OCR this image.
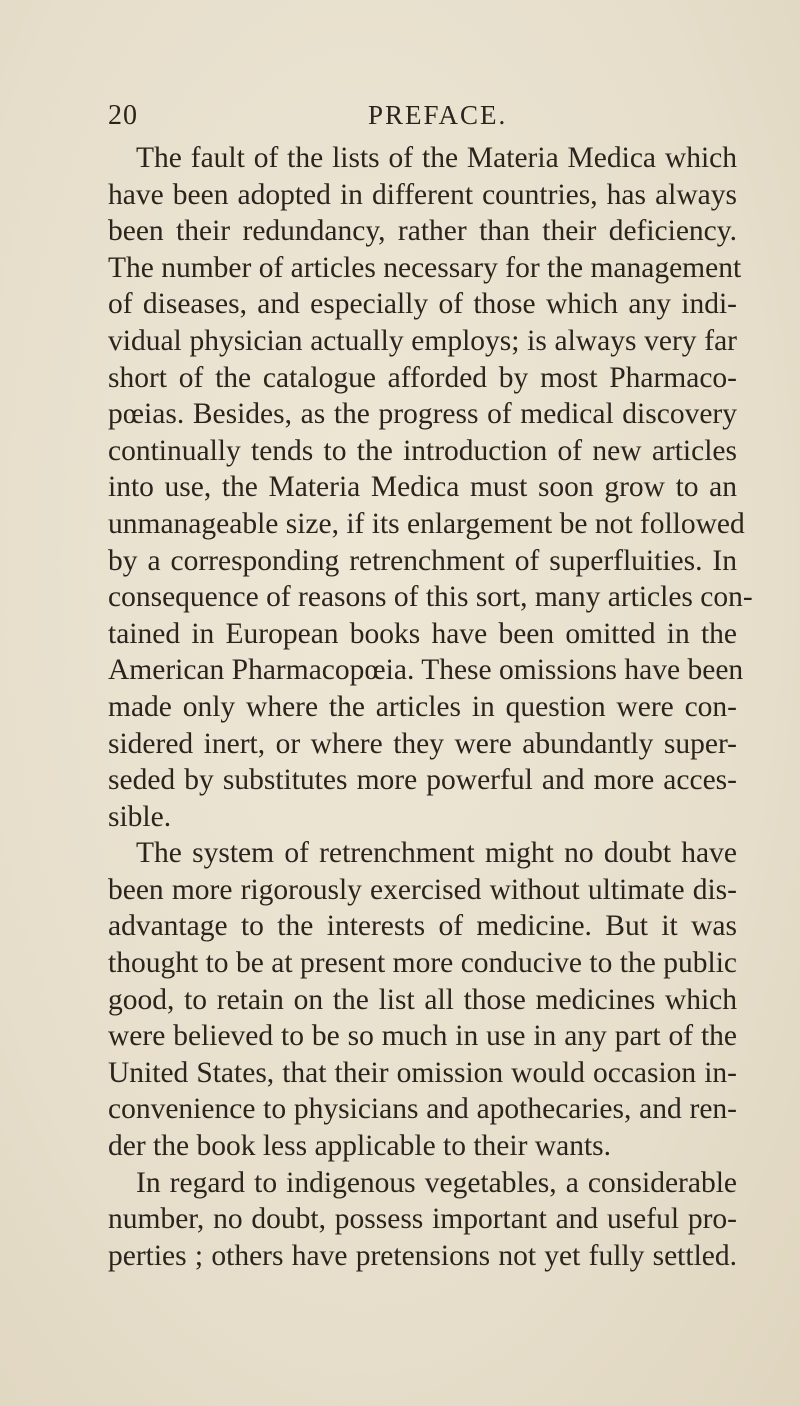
20	PREFACE.

The fault of the lists of the Materia Medica which
have been adopted in different countries, has always
been their redundancy, rather than their deficiency.
The number of articles necessary for the management
of diseases, and especially of those which any indi-
vidual physician actually employs; is always very far
short of the catalogue afforded by most Pharmaco-
pœias. Besides, as the progress of medical discovery
continually tends to the introduction of new articles
into use, the Materia Medica must soon grow to an
unmanageable size, if its enlargement be not followed
by a corresponding retrenchment of superfluities. In
consequence of reasons of this sort, many articles con-
tained in European books have been omitted in the
American Pharmacopœia. These omissions have been
made only where the articles in question were con-
sidered inert, or where they were abundantly super-
seded by substitutes more powerful and more acces-
sible.

The system of retrenchment might no doubt have
been more rigorously exercised without ultimate dis-
advantage to the interests of medicine. But it was
thought to be at present more conducive to the public
good, to retain on the list all those medicines which
were believed to be so much in use in any part of the
United States, that their omission would occasion in-
convenience to physicians and apothecaries, and ren-
der the book less applicable to their wants.

In regard to indigenous vegetables, a considerable
number, no doubt, possess important and useful pro-
perties ; others have pretensions not yet fully settled.
